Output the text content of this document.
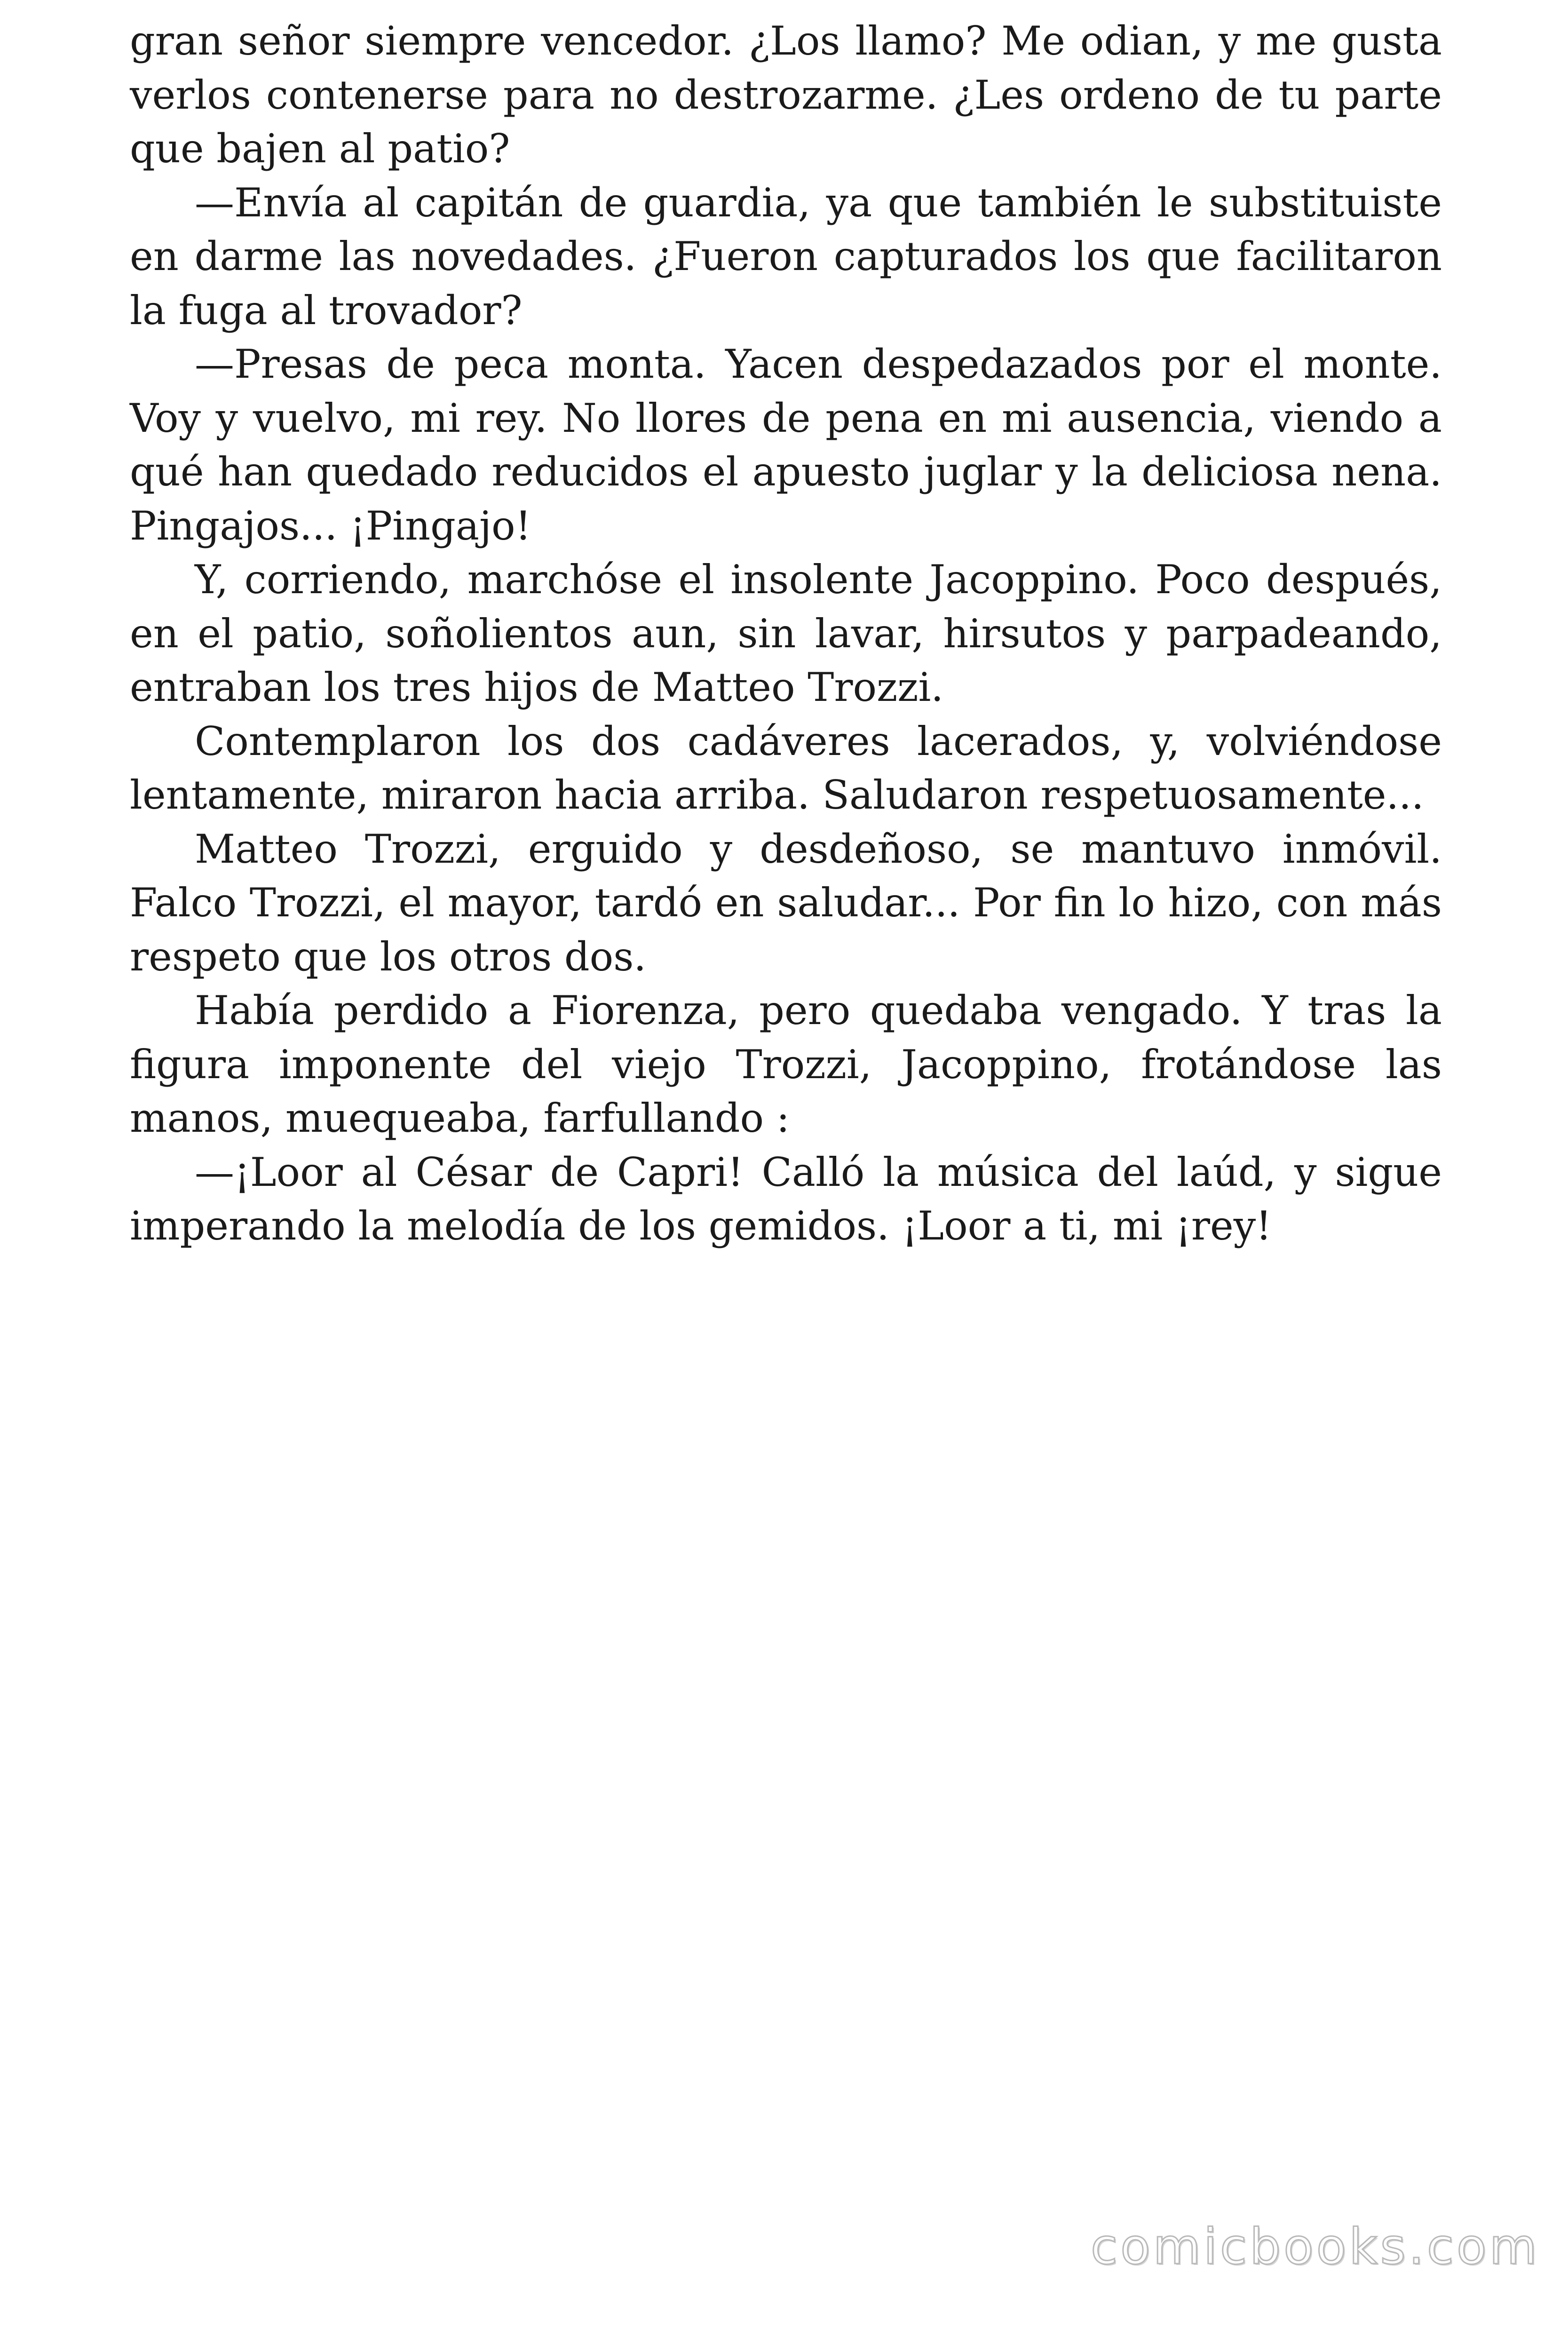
gran señor siempre vencedor. ¿Los llamo? Me odian, y me gusta verlos contenerse para no destrozarme. ¿Les ordeno de tu parte que bajen al patio?

—Envía al capitán de guardia, ya que también le substituiste en darme las novedades. ¿Fueron capturados los que facilitaron la fuga al trovador?

—Presas de peca monta. Yacen despedazados por el monte. Voy y vuelvo, mi rey. No llores de pena en mi ausencia, viendo a qué han quedado reducidos el apuesto juglar y la deliciosa nena. Pingajos... ¡Pingajo!

Y, corriendo, marchóse el insolente Jacoppino. Poco después, en el patio, soñolientos aun, sin lavar, hirsutos y parpadeando, entraban los tres hijos de Matteo Trozzi.

Contemplaron los dos cadáveres lacerados, y, volviéndose lentamente, miraron hacia arriba. Saludaron respetuosamente...

Matteo Trozzi, erguido y desdeñoso, se mantuvo inmóvil. Falco Trozzi, el mayor, tardó en saludar... Por fin lo hizo, con más respeto que los otros dos.

Había perdido a Fiorenza, pero quedaba vengado. Y tras la figura imponente del viejo Trozzi, Jacoppino, frotándose las manos, muequeaba, farfullando :

—¡Loor al César de Capri! Calló la música del laúd, y sigue imperando la melodía de los gemidos. ¡Loor a ti, mi ¡rey!

comicbooks.com
